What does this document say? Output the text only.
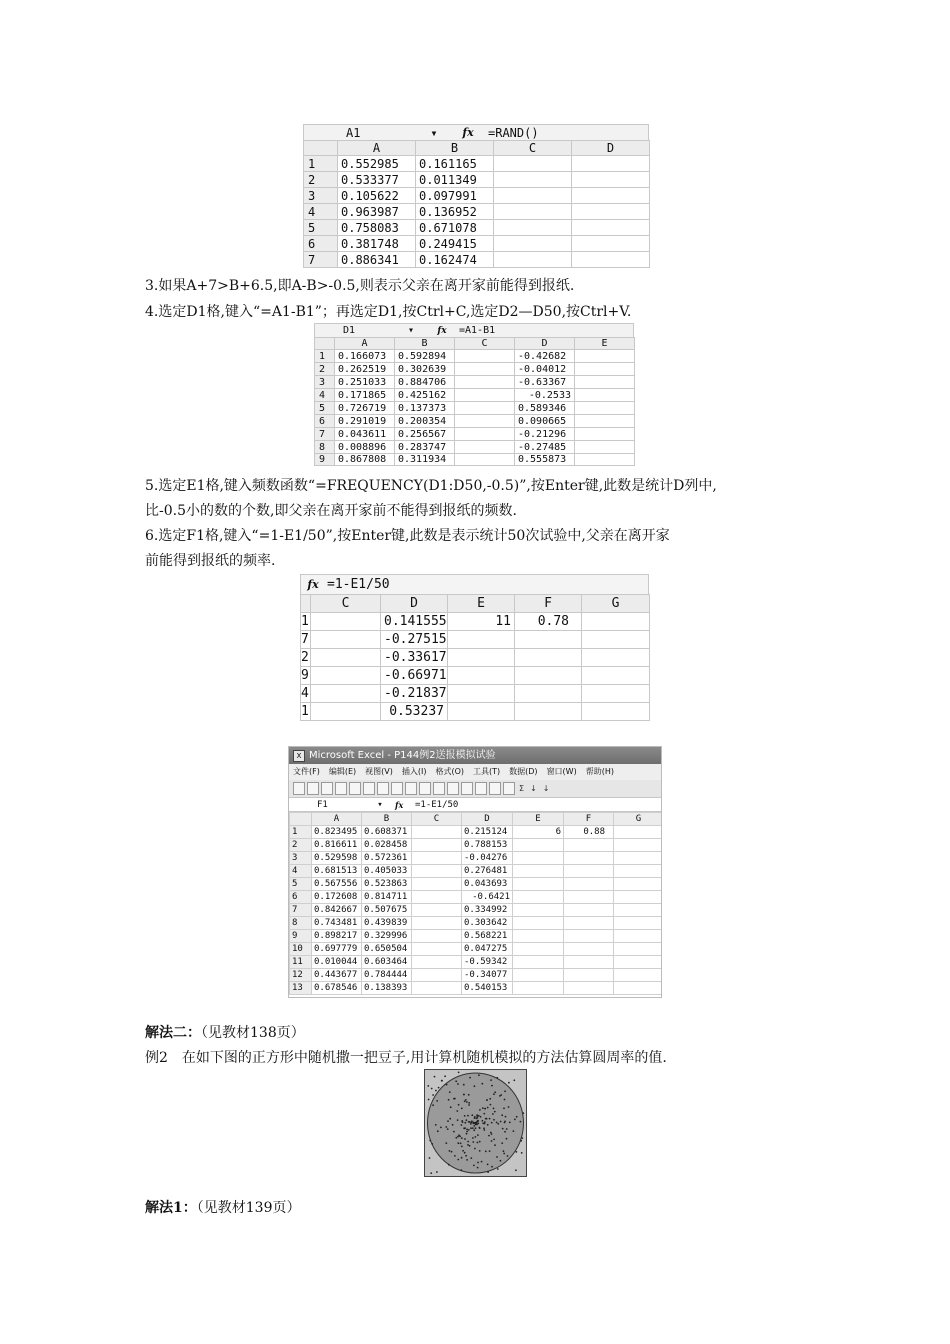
A1	▾	fx	=RAND()
	A	B	C	D
1	0.552985	0.161165		
2	0.533377	0.011349		
3	0.105622	0.097991		
4	0.963987	0.136952		
5	0.758083	0.671078		
6	0.381748	0.249415		
7	0.886341	0.162474		
3.如果A+7>B+6.5,即A-B>-0.5,则表示父亲在离开家前能得到报纸.
4.选定D1格,键入“=A1-B1”；再选定D1,按Ctrl+C,选定D2—D50,按Ctrl+V.
D1	▾	fx	=A1-B1
	A	B	C	D	E
1	0.166073	0.592894		-0.42682	
2	0.262519	0.302639		-0.04012	
3	0.251033	0.884706		-0.63367	
4	0.171865	0.425162		-0.2533	
5	0.726719	0.137373		0.589346	
6	0.291019	0.200354		0.090665	
7	0.043611	0.256567		-0.21296	
8	0.008896	0.283747		-0.27485	
9	0.867808	0.311934		0.555873	
5.选定E1格,键入频数函数“=FREQUENCY(D1:D50,-0.5)”,按Enter键,此数是统计D列中,
比-0.5小的数的个数,即父亲在离开家前不能得到报纸的频数.
6.选定F1格,键入“=1-E1/50”,按Enter键,此数是表示统计50次试验中,父亲在离开家
前能得到报纸的频率.
fx =1-E1/50
	C	D	E	F	G
1		0.141555	11	0.78	
7		-0.27515			
2		-0.33617			
9		-0.66971			
4		-0.21837			
1		0.53237			
X Microsoft Excel - P144例2送报模拟试验
文件(F) 编辑(E) 视图(V) 插入(I) 格式(O) 工具(T) 数据(D) 窗口(W) 帮助(H)
Σ ↓ ↓
F1	▾	fx	=1-E1/50
	A	B	C	D	E	F	G
1	0.823495	0.608371		0.215124	6	0.88	
2	0.816611	0.028458		0.788153			
3	0.529598	0.572361		-0.04276			
4	0.681513	0.405033		0.276481			
5	0.567556	0.523863		0.043693			
6	0.172608	0.814711		-0.6421			
7	0.842667	0.507675		0.334992			
8	0.743481	0.439839		0.303642			
9	0.898217	0.329996		0.568221			
10	0.697779	0.650504		0.047275			
11	0.010044	0.603464		-0.59342			
12	0.443677	0.784444		-0.34077			
13	0.678546	0.138393		0.540153			
解法二：（见教材138页）
例2　在如下图的正方形中随机撒一把豆子,用计算机随机模拟的方法估算圆周率的值.
解法1：（见教材139页）
